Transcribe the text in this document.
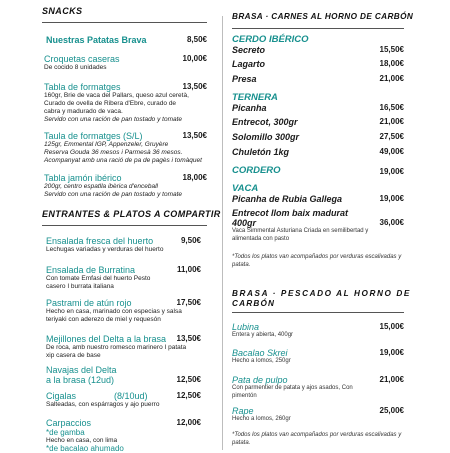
SNACKS
Nuestras Patatas Brava	8,50€
Croquetas caseras	10,00€
De cocido 8 unidades
Tabla de formatges	13,50€
160gr, Brie de vaca del Pallars, queso azul ceretà, Curado de ovella de Ribera d'Ebre, curado de cabra y madurado de vaca.
Servido con una ración de pan tostado y tomate
Taula de formatges (S/L)	13,50€
125gr, Emmental IGP, Appenzeler, Gruyère Reserva Gouda 36 mesos i Parmesà 36 mesos.
Acompanyat amb una ració de pa de pagès i tomàquet
Tabla jamón ibérico	18,00€
200gr, centro espatlla ibèrica d'enceball
Servido con una ración de pan tostado y tomate
ENTRANTES & PLATOS A COMPARTIR
Ensalada fresca del huerto	9,50€
Lechugas variadas y verduras del huerto
Ensalada de Burratina	11,00€
Con tomate Emfasi del huerto Pesto casero I burrata italiana
Pastrami de atún rojo	17,50€
Hecho en casa, marinado con especias y salsa teriyaki con aderezo de miel y requesón
Mejillones del Delta a la brasa 13,50€
De roca, amb nuestro romesco marinero I patata xip casera de base
Navajas del Delta
a la brasa (12ud)	12,50€
Cigalas	(8/10ud)	12,50€
Salteadas, con espárragos y ajo puerro
Carpaccios	12,00€
*de gamba
Hecho en casa, con lima
*de bacalao ahumado
BRASA · CARNES AL HORNO DE CARBÓN
CERDO IBÉRICO
Secreto	15,50€
Lagarto	18,00€
Presa	21,00€
TERNERA
Picanha	16,50€
Entrecot, 300gr	21,00€
Solomillo 300gr	27,50€
Chuletón 1kg	49,00€
CORDERO	19,00€
VACA
Picanha de Rubia Gallega	19,00€
Entrecot llom baix madurat
400gr	36,00€
Vaca Simmental Asturiana Criada en semilibertad y alimentada con pasto
*Todos los platos van acompañados por verduras escalivadas y patata.
BRASA · PESCADO AL HORNO DE
CARBÓN
Lubina	15,00€
Entera y abierta, 400gr
Bacalao Skrei	19,00€
Hecho a lomos, 250gr
Pata de pulpo	21,00€
Con parmentier de patata y ajos asados, Con pimentón
Rape	25,00€
Hecho a lomos, 260gr
*Todos los platos van acompañados por verduras escalivadas y patata.
